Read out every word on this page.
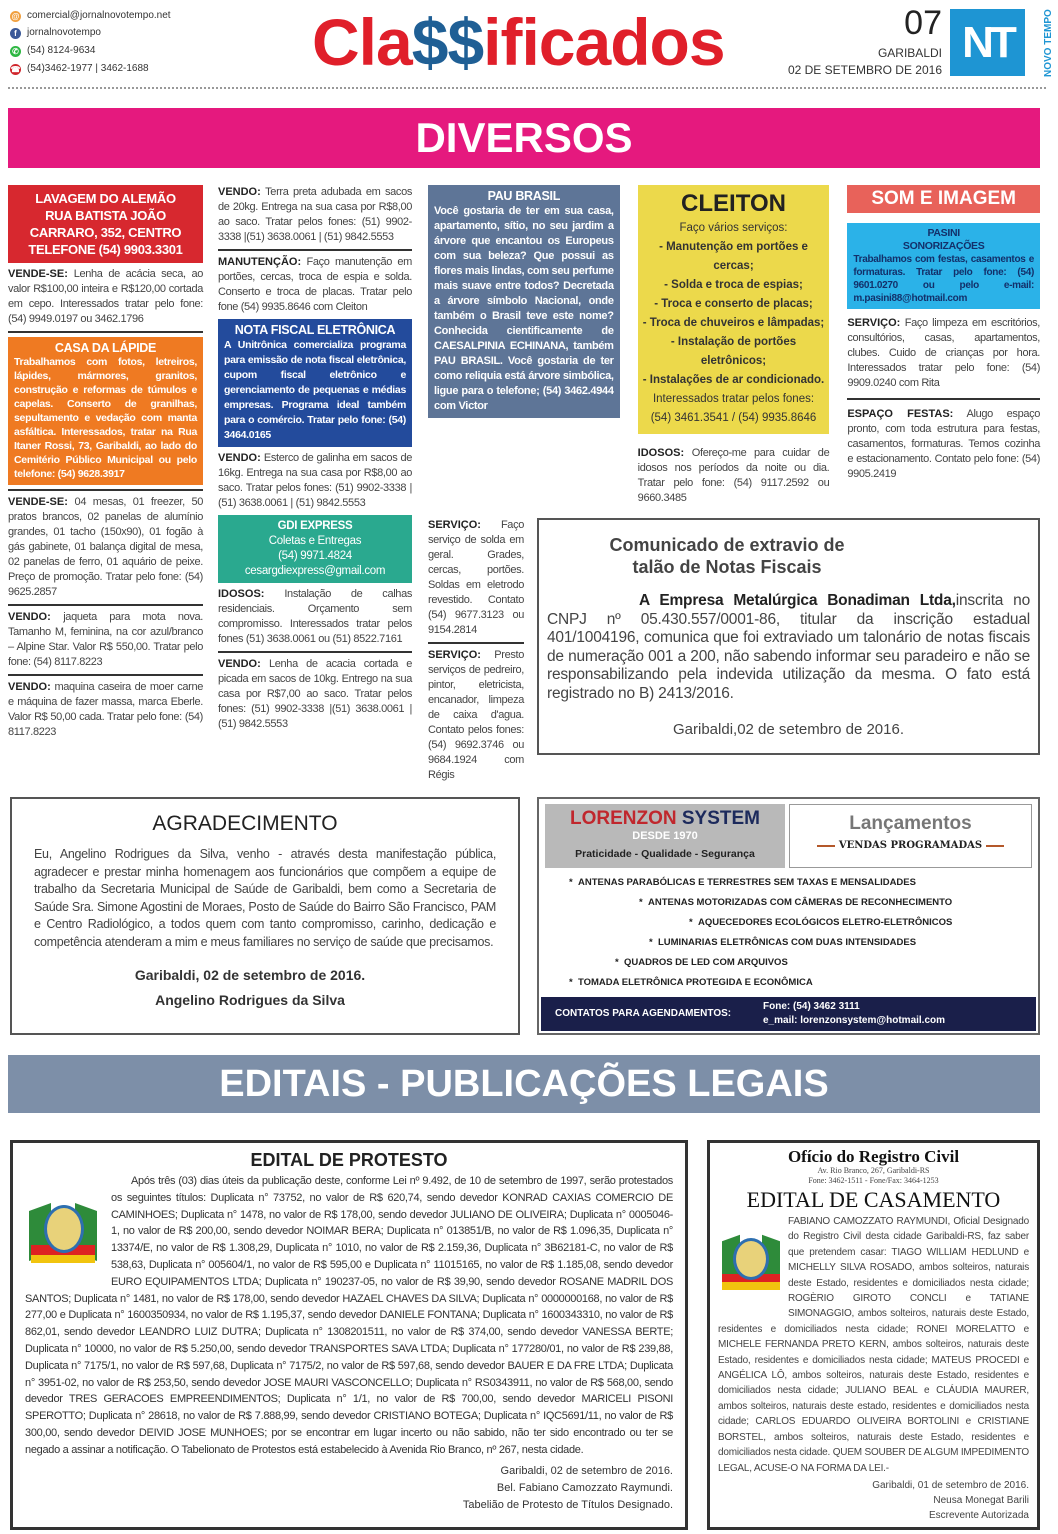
@ comercial@jornalnovotempo.net
f	jornalnovotempo
✆ (54) 8124-9634
☎ (54)3462-1977 | 3462-1688 Cla$$ificados	07
GARIBALDI
02 DE SETEMBRO DE 2016
NT	NOVO TEMPO
DIVERSOS
LAVAGEM DO ALEMÃO
RUA BATISTA JOÃO
CARRARO, 352, CENTRO
TELEFONE (54) 9903.3301
VENDE-SE: Lenha de acácia seca, ao valor R$100,00 inteira e R$120,00 cortada em cepo. Interessados tratar pelo fone: (54) 9949.0197 ou 3462.1796
CASA DA LÁPIDE
Trabalhamos com fotos, letreiros, lápides, mármores, granitos, construção e reformas de túmulos e capelas. Conserto de granilhas, sepultamento e vedação com manta asfáltica. Interessados, tratar na Rua Itaner Rossi, 73, Garibaldi, ao lado do Cemitério Público Municipal ou pelo telefone: (54) 9628.3917
VENDE-SE: 04 mesas, 01 freezer, 50 pratos brancos, 02 panelas de alumínio grandes, 01 tacho (150x90), 01 fogão à gás gabinete, 01 balança digital de mesa, 02 panelas de ferro, 01 aquário de peixe. Preço de promoção. Tratar pelo fone: (54) 9625.2857
VENDO: jaqueta para mota nova. Tamanho M, feminina, na cor azul/branco – Alpine Star. Valor R$ 550,00. Tratar pelo fone: (54) 8117.8223
VENDO: maquina caseira de moer carne e máquina de fazer massa, marca Eberle. Valor R$ 50,00 cada. Tratar pelo fone: (54) 8117.8223
VENDO: Terra preta adubada em sacos de 20kg. Entrega na sua casa por R$8,00 ao saco. Tratar pelos fones: (51) 9902-3338 |(51) 3638.0061 | (51) 9842.5553
MANUTENÇÃO: Faço manutenção em portões, cercas, troca de espia e solda. Conserto e troca de placas. Tratar pelo fone (54) 9935.8646 com Cleiton
NOTA FISCAL ELETRÔNICA
A Unitrônica comercializa programa para emissão de nota fiscal eletrônica, cupom fiscal eletrônico e gerenciamento de pequenas e médias empresas. Programa ideal também para o comércio. Tratar pelo fone: (54) 3464.0165
VENDO: Esterco de galinha em sacos de 16kg. Entrega na sua casa por R$8,00 ao saco. Tratar pelos fones: (51) 9902-3338 |(51) 3638.0061 | (51) 9842.5553
GDI EXPRESS
Coletas e Entregas
(54) 9971.4824
cesargdiexpress@gmail.com
IDOSOS: Instalação de calhas residenciais. Orçamento sem compromisso. Interessados tratar pelos fones (51) 3638.0061 ou (51) 8522.7161
VENDO: Lenha de acacia cortada e picada em sacos de 10kg. Entrego na sua casa por R$7,00 ao saco. Tratar pelos fones: (51) 9902-3338 |(51) 3638.0061 | (51) 9842.5553
PAU BRASIL
Você gostaria de ter em sua casa, apartamento, sítio, no seu jardim a árvore que encantou os Europeus com sua beleza? Que possui as flores mais lindas, com seu perfume mais suave entre todos? Decretada a árvore símbolo Nacional, onde também o Brasil teve este nome? Conhecida cientificamente de CAESALPINIA ECHINANA, também PAU BRASIL. Você gostaria de ter como reliquia está árvore simbólica, ligue para o telefone; (54) 3462.4944 com Victor
CLEITON
Faço vários serviços:
- Manutenção em portões e cercas;
- Solda e troca de espias;
- Troca e conserto de placas;
- Troca de chuveiros e lâmpadas;
- Instalação de portões eletrônicos;
- Instalações de ar condicionado.
Interessados tratar pelos fones:
(54) 3461.3541 / (54) 9935.8646
IDOSOS: Ofereço-me para cuidar de idosos nos períodos da noite ou dia. Tratar pelo fone: (54) 9117.2592 ou 9660.3485
SOM E IMAGEM
PASINI
SONORIZAÇÕES
Trabalhamos com festas, casamentos e formaturas. Tratar pelo fone: (54) 9601.0270 ou pelo e-mail: m.pasini88@hotmail.com
SERVIÇO: Faço limpeza em escritórios, consultórios, casas, apartamentos, clubes. Cuido de crianças por hora. Interessados tratar pelo fone: (54) 9909.0240 com Rita
ESPAÇO FESTAS: Alugo espaço pronto, com toda estrutura para festas, casamentos, formaturas. Temos cozinha e estacionamento. Contato pelo fone: (54) 9905.2419
SERVIÇO: Faço serviço de solda em geral. Grades, cercas, portões. Soldas em eletrodo revestido. Contato (54) 9677.3123 ou 9154.2814
SERVIÇO: Presto serviços de pedreiro, pintor, eletricista, encanador, limpeza de caixa d'agua. Contato pelos fones: (54) 9692.3746 ou 9684.1924 com Régis
Comunicado de extravio de
talão de Notas Fiscais
A Empresa Metalúrgica Bonadiman Ltda,inscrita no CNPJ nº 05.430.557/0001-86, titular da inscrição estadual 401/1004196, comunica que foi extraviado um talonário de notas fiscais de numeração 001 a 200, não sabendo informar seu paradeiro e não se responsabilizando pela indevida utilização da mesma. O fato está registrado no B) 2413/2016.
Garibaldi,02 de setembro de 2016.
AGRADECIMENTO
Eu, Angelino Rodrigues da Silva, venho - através desta manifestação pública, agradecer e prestar minha homenagem aos funcionários que compõem a equipe de trabalho da Secretaria Municipal de Saúde de Garibaldi, bem como a Secretaria de Saúde Sra. Simone Agostini de Moraes, Posto de Saúde do Bairro São Francisco, PAM e Centro Radiológico, a todos quem com tanto compromisso, carinho, dedicação e competência atenderam a mim e meus familiares no serviço de saúde que precisamos.
Garibaldi, 02 de setembro de 2016.
Angelino Rodrigues da Silva
LORENZON SYSTEM
DESDE 1970
Praticidade - Qualidade - Segurança
Lançamentos
VENDAS PROGRAMADAS
*  ANTENAS PARABÓLICAS E TERRESTRES SEM TAXAS E MENSALIDADES
*  ANTENAS MOTORIZADAS COM CÂMERAS DE RECONHECIMENTO
*  AQUECEDORES ECOLÓGICOS ELETRO-ELETRÔNICOS
*  LUMINARIAS ELETRÔNICAS COM DUAS INTENSIDADES
*  QUADROS DE LED COM ARQUIVOS
*  TOMADA ELETRÔNICA PROTEGIDA E ECONÔMICA
CONTATOS PARA AGENDAMENTOS:
Fone: (54) 3462 3111
e_mail: lorenzonsystem@hotmail.com
EDITAIS - PUBLICAÇÕES LEGAIS
EDITAL DE PROTESTO
Após três (03) dias úteis da publicação deste, conforme Lei nº 9.492, de 10 de setembro de 1997, serão protestados os seguintes títulos: Duplicata n° 73752, no valor de R$ 620,74, sendo devedor KONRAD CAXIAS COMERCIO DE CAMINHOES; Duplicata n° 1478, no valor de R$ 178,00, sendo devedor JULIANO DE OLIVEIRA; Duplicata n° 0005046-1, no valor de R$ 200,00, sendo devedor NOIMAR BERA; Duplicata n° 013851/B, no valor de R$ 1.096,35, Duplicata n° 13374/E, no valor de R$ 1.308,29, Duplicata n° 1010, no valor de R$ 2.159,36, Duplicata n° 3B62181-C, no valor de R$ 538,63, Duplicata n° 005604/1, no valor de R$ 595,00 e Duplicata n° 11015165, no valor de R$ 1.185,08, sendo devedor EURO EQUIPAMENTOS LTDA; Duplicata n° 190237-05, no valor de R$ 39,90, sendo devedor ROSANE MADRIL DOS SANTOS; Duplicata n° 1481, no valor de R$ 178,00, sendo devedor HAZAEL CHAVES DA SILVA; Duplicata n° 0000000168, no valor de R$ 277,00 e Duplicata n° 1600350934, no valor de R$ 1.195,37, sendo devedor DANIELE FONTANA; Duplicata n° 1600343310, no valor de R$ 862,01, sendo devedor LEANDRO LUIZ DUTRA; Duplicata n° 1308201511, no valor de R$ 374,00, sendo devedor VANESSA BERTE; Duplicata n° 10000, no valor de R$ 5.250,00, sendo devedor TRANSPORTES SAVA LTDA; Duplicata n° 177280/01, no valor de R$ 239,88, Duplicata n° 7175/1, no valor de R$ 597,68, Duplicata n° 7175/2, no valor de R$ 597,68, sendo devedor BAUER E DA FRE LTDA; Duplicata n° 3951-02, no valor de R$ 253,50, sendo devedor JOSE MAURI VASCONCELLO; Duplicata n° RS0343911, no valor de R$ 568,00, sendo devedor TRES GERACOES EMPREENDIMENTOS; Duplicata n° 1/1, no valor de R$ 700,00, sendo devedor MARICELI PISONI SPEROTTO; Duplicata n° 28618, no valor de R$ 7.888,99, sendo devedor CRISTIANO BOTEGA; Duplicata n° IQC5691/11, no valor de R$ 300,00, sendo devedor DEIVID JOSE MUNHOES; por se encontrar em lugar incerto ou não sabido, não ter sido encontrado ou ter se negado a assinar a notificação. O Tabelionato de Protestos está estabelecido à Avenida Rio Branco, nº 267, nesta cidade.
Garibaldi, 02 de setembro de 2016.
Bel. Fabiano Camozzato Raymundi.
Tabelião de Protesto de Títulos Designado.
Ofício do Registro Civil
Av. Rio Branco, 267, Garibaldi-RS
Fone: 3462-1511 - Fone/Fax: 3464-1253
EDITAL DE CASAMENTO
FABIANO CAMOZZATO RAYMUNDI, Oficial Designado do Registro Civil desta cidade Garibaldi-RS, faz saber que pretendem casar: TIAGO WILLIAM HEDLUND e MICHELLY SILVA ROSADO, ambos solteiros, naturais deste Estado, residentes e domiciliados nesta cidade; ROGÈRIO GIROTO CONCLI e TATIANE SIMONAGGIO, ambos solteiros, naturais deste Estado, residentes e domiciliados nesta cidade; RONEI MORELATTO e MICHELE FERNANDA PRETO KERN, ambos solteiros, naturais deste Estado, residentes e domiciliados nesta cidade; MATEUS PROCEDI e ANGÉLICA LÔ, ambos solteiros, naturais deste Estado, residentes e domiciliados nesta cidade; JULIANO BEAL e CLÁUDIA MAURER, ambos solteiros, naturais deste estado, residentes e domiciliados nesta cidade; CARLOS EDUARDO OLIVEIRA BORTOLINI e CRISTIANE BORSTEL, ambos solteiros, naturais deste Estado, residentes e domiciliados nesta cidade. QUEM SOUBER DE ALGUM IMPEDIMENTO LEGAL, ACUSE-O NA FORMA DA LEI.-
Garibaldi, 01 de setembro de 2016.
Neusa Monegat Barili
Escrevente Autorizada
